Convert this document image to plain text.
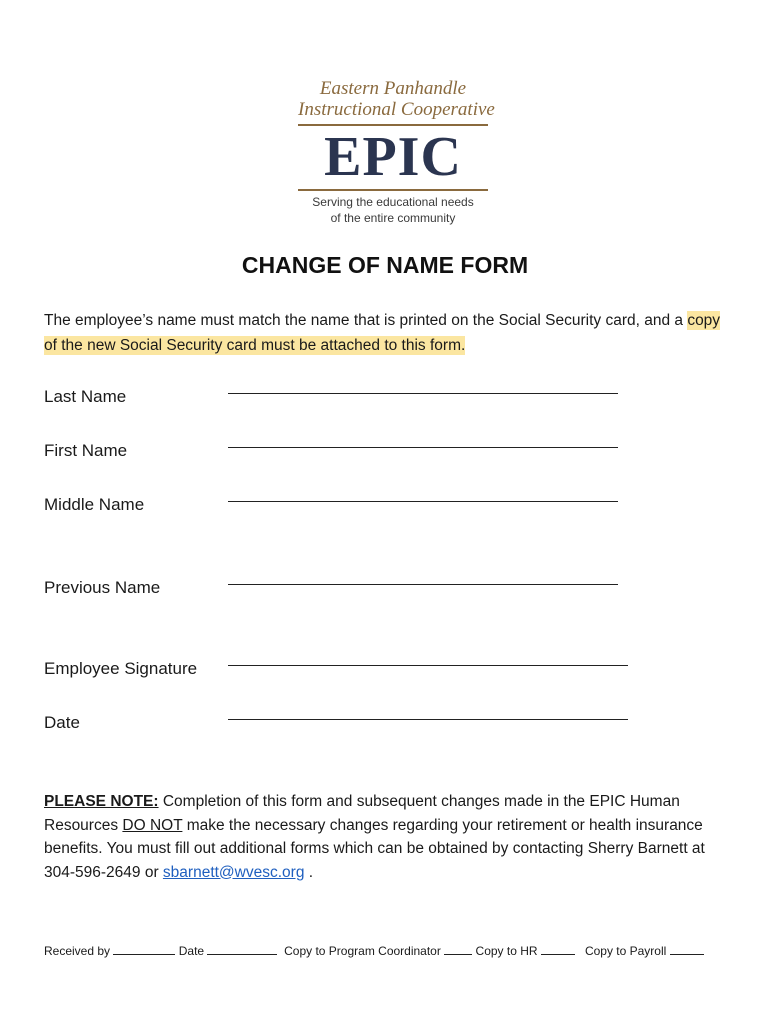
Eastern Panhandle
Instructional Cooperative
EPIC
Serving the educational needs
of the entire community
CHANGE OF NAME FORM
The employee’s name must match the name that is printed on the Social Security card, and a copy of the new Social Security card must be attached to this form.
Last Name
First Name
Middle Name
Previous Name
Employee Signature
Date
PLEASE NOTE: Completion of this form and subsequent changes made in the EPIC Human Resources DO NOT make the necessary changes regarding your retirement or health insurance benefits. You must fill out additional forms which can be obtained by contacting Sherry Barnett at 304-596-2649 or sbarnett@wvesc.org .
Received by	Date	Copy to Program Coordinator	Copy to HR	Copy to Payroll
